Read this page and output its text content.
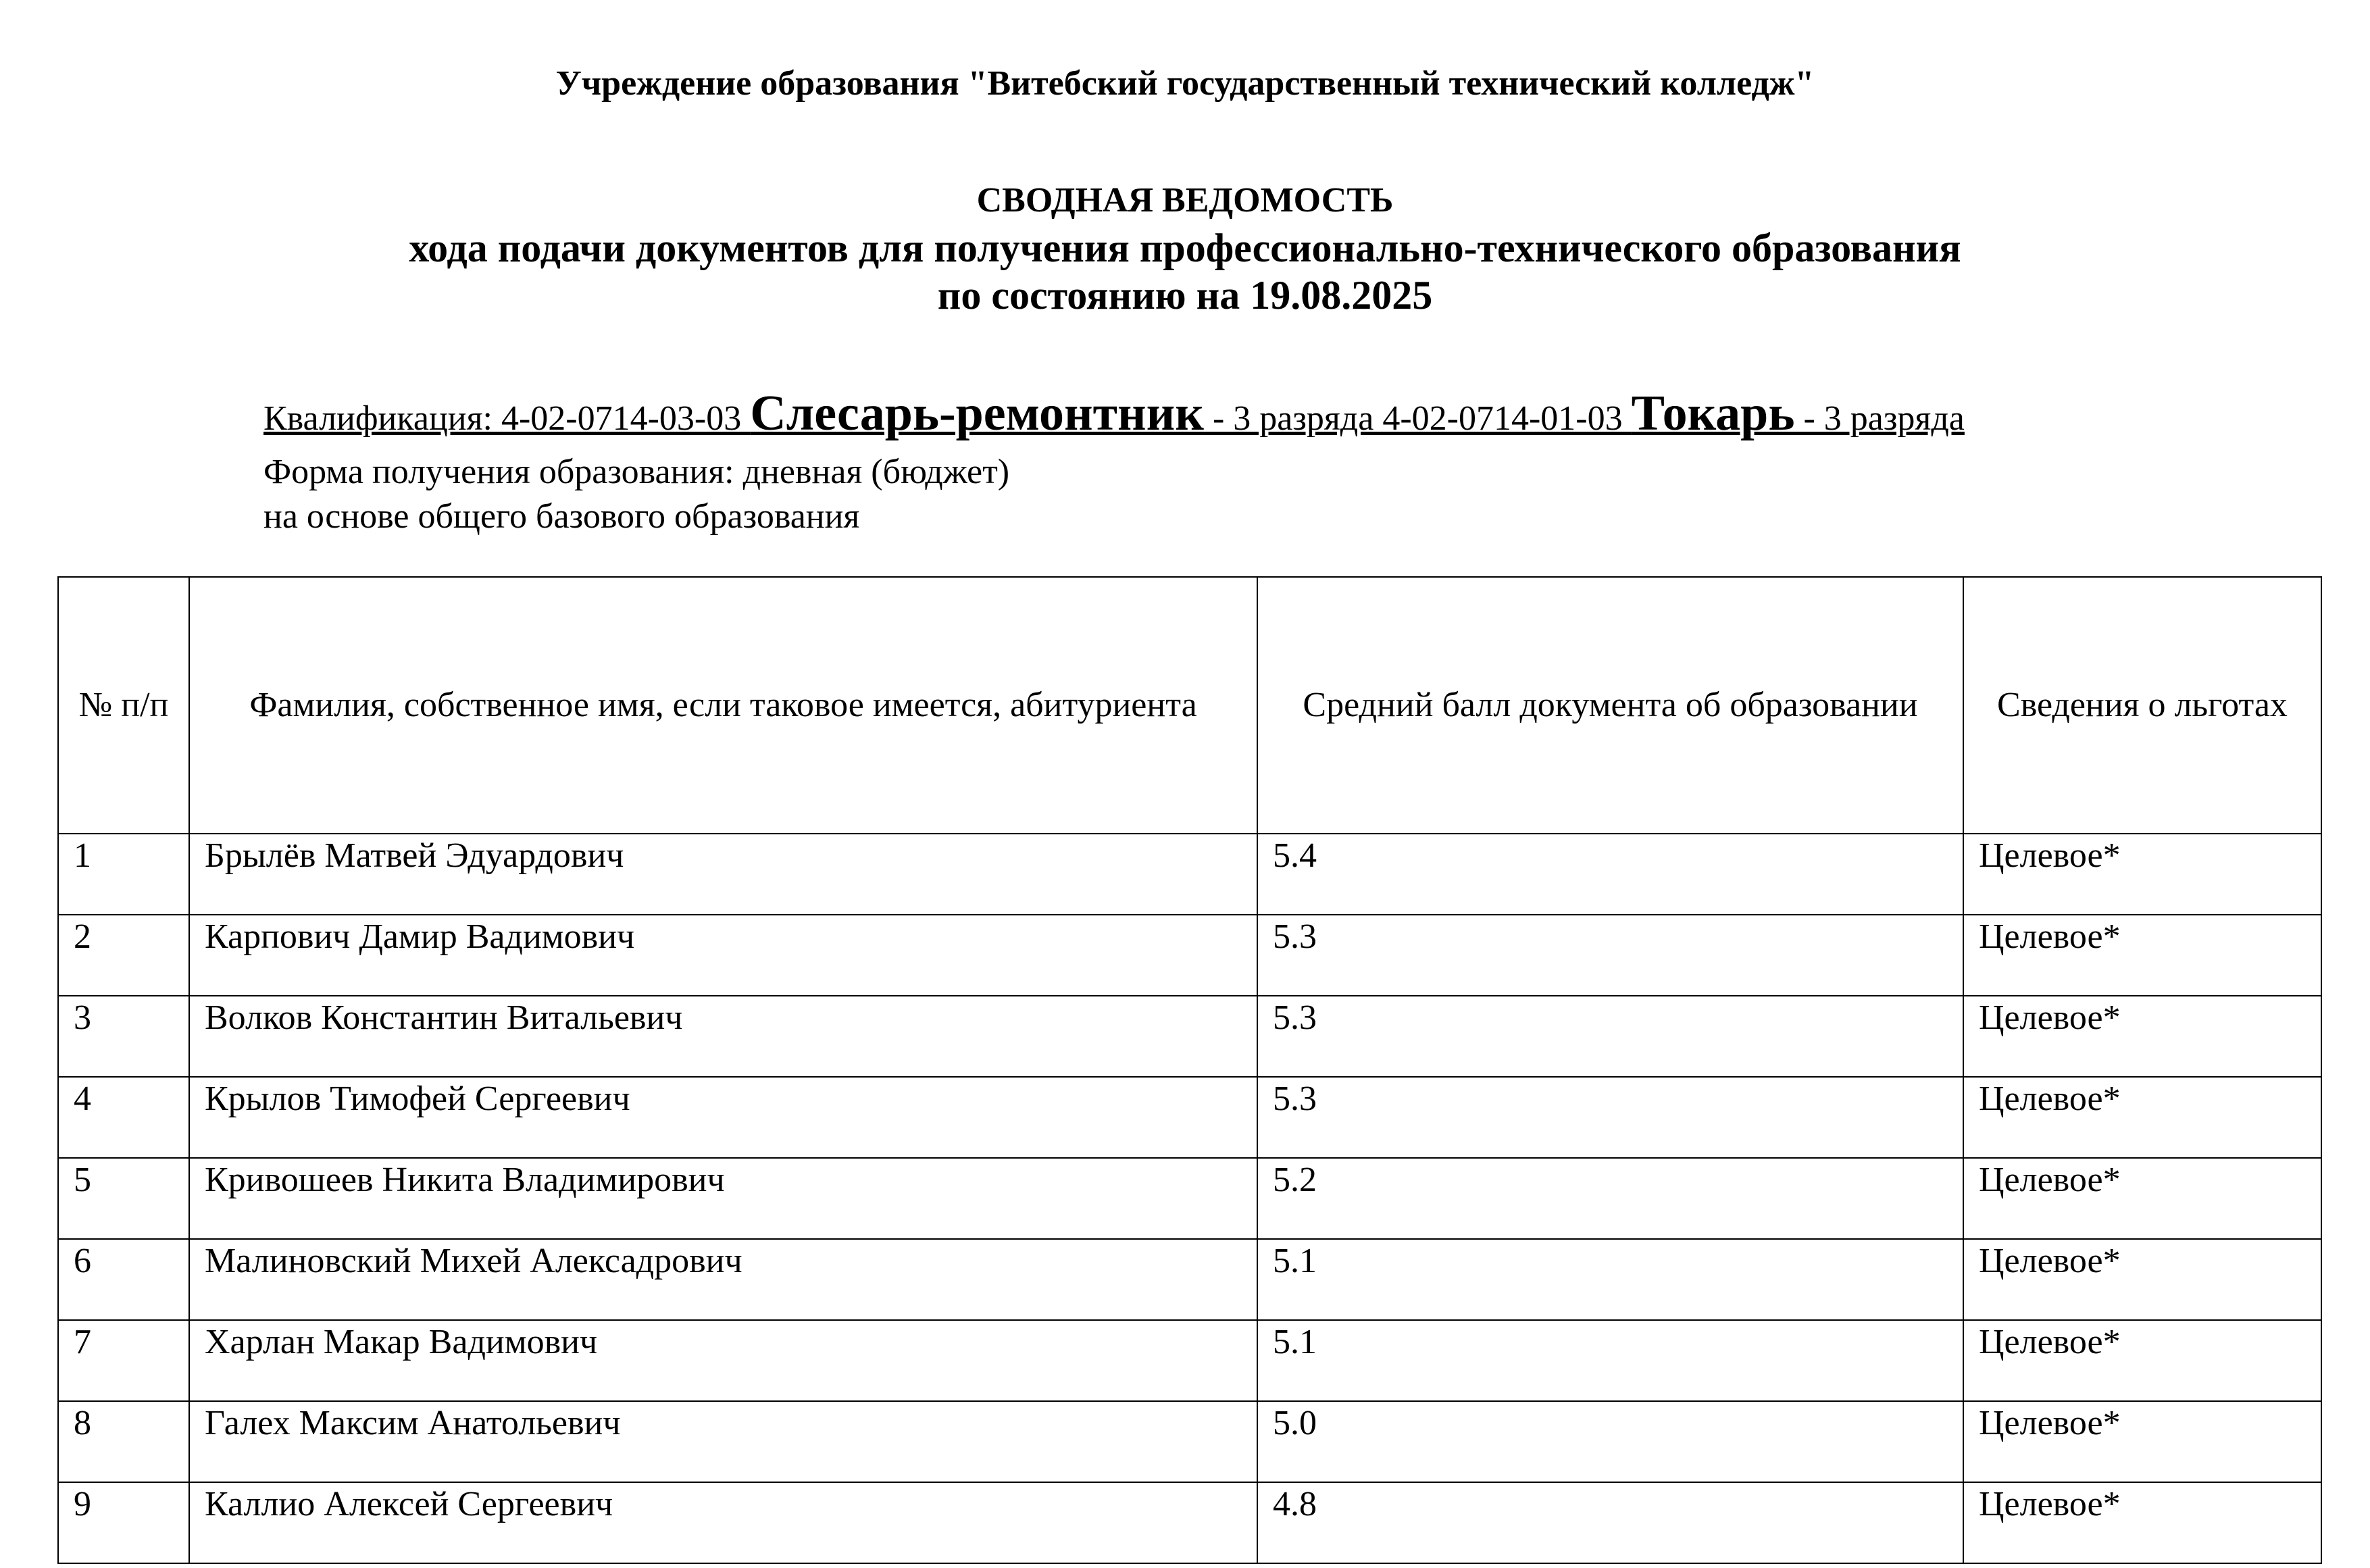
Учреждение образования "Витебский государственный технический колледж"
СВОДНАЯ ВЕДОМОСТЬ
хода подачи документов для получения профессионально-технического образования
по состоянию на 19.08.2025
Квалификация: 4-02-0714-03-03 Слесарь-ремонтник - 3 разряда 4-02-0714-01-03 Токарь - 3 разряда
Форма получения образования: дневная (бюджет)
на основе общего базового образования
№ п/п	Фамилия, собственное имя, если таковое имеется, абитуриента	Средний балл документа об образовании	Сведения о льготах
1	Брылёв Матвей Эдуардович	5.4	Целевое*
2	Карпович Дамир Вадимович	5.3	Целевое*
3	Волков Константин Витальевич	5.3	Целевое*
4	Крылов Тимофей Сергеевич	5.3	Целевое*
5	Кривошеев Никита Владимирович	5.2	Целевое*
6	Малиновский Михей Алексадрович	5.1	Целевое*
7	Харлан Макар Вадимович	5.1	Целевое*
8	Галех Максим Анатольевич	5.0	Целевое*
9	Каллио Алексей Сергеевич	4.8	Целевое*
